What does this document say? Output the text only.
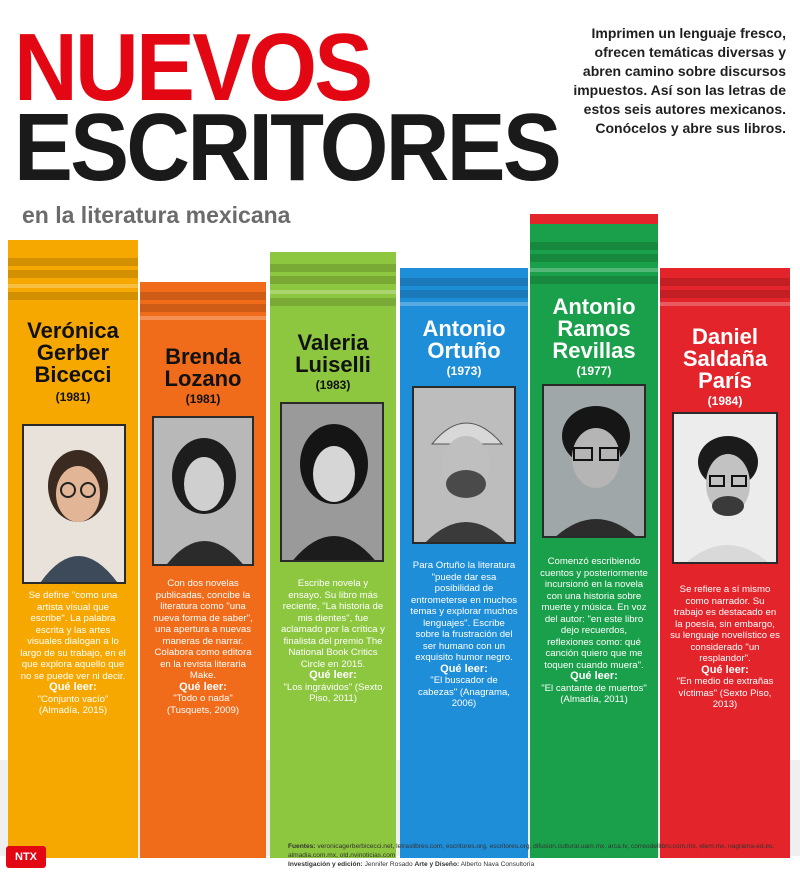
NUEVOS
ESCRITORES
en la literatura mexicana
Imprimen un lenguaje fresco, ofrecen temáticas diversas y abren camino sobre discursos impuestos. Así son las letras de estos seis autores mexicanos. Conócelos y abre sus libros.
Verónica
Gerber
Bicecci
(1981)
Se define "como una artista visual que escribe". La palabra escrita y las artes visuales dialogan a lo largo de su trabajo, en el que explora aquello que no se puede ver ni decir.
Qué leer:
"Conjunto vacío" (Almadía, 2015)
Brenda
Lozano
(1981)
Con dos novelas publicadas, concibe la literatura como "una nueva forma de saber", una apertura a nuevas maneras de narrar. Colabora como editora en la revista literaria Make.
Qué leer:
"Todo o nada" (Tusquets, 2009)
Valeria
Luiselli
(1983)
Escribe novela y ensayo. Su libro más reciente, "La historia de mis dientes", fue aclamado por la crítica y finalista del premio The National Book Critics Circle en 2015.
Qué leer:
"Los ingrávidos" (Sexto Piso, 2011)
Antonio
Ortuño
(1973)
Para Ortuño la literatura "puede dar esa posibilidad de entrometerse en muchos temas y explorar muchos lenguajes". Escribe sobre la frustración del ser humano con un exquisito humor negro.
Qué leer:
"El buscador de cabezas" (Anagrama, 2006)
Antonio
Ramos
Revillas
(1977)
Comenzó escribiendo cuentos y posteriormente incursionó en la novela con una historia sobre muerte y música. En voz del autor: "en este libro dejo recuerdos, reflexiones como: qué canción quiero que me toquen cuando muera".
Qué leer:
"El cantante de muertos" (Almadía, 2011)
Daniel
Saldaña
París
(1984)
Se refiere a sí mismo como narrador. Su trabajo es destacado en la poesía, sin embargo, su lenguaje novelístico es considerado "un resplandor".
Qué leer:
"En medio de extrañas víctimas" (Sexto Piso, 2013)
Fuentes: veronicagerberbicecci.net, letraslibres.com, escritores.org, escritores.org, difusion.cultural.uam.mx, arca.tv, correodellibro.com.mx, elem.mx, nagrama-ed.es, almadia.com.mx, old.nvinoticias.com
Investigación y edición: Jennifer Rosado Arte y Diseño: Alberto Nava Consultoría
NTX
